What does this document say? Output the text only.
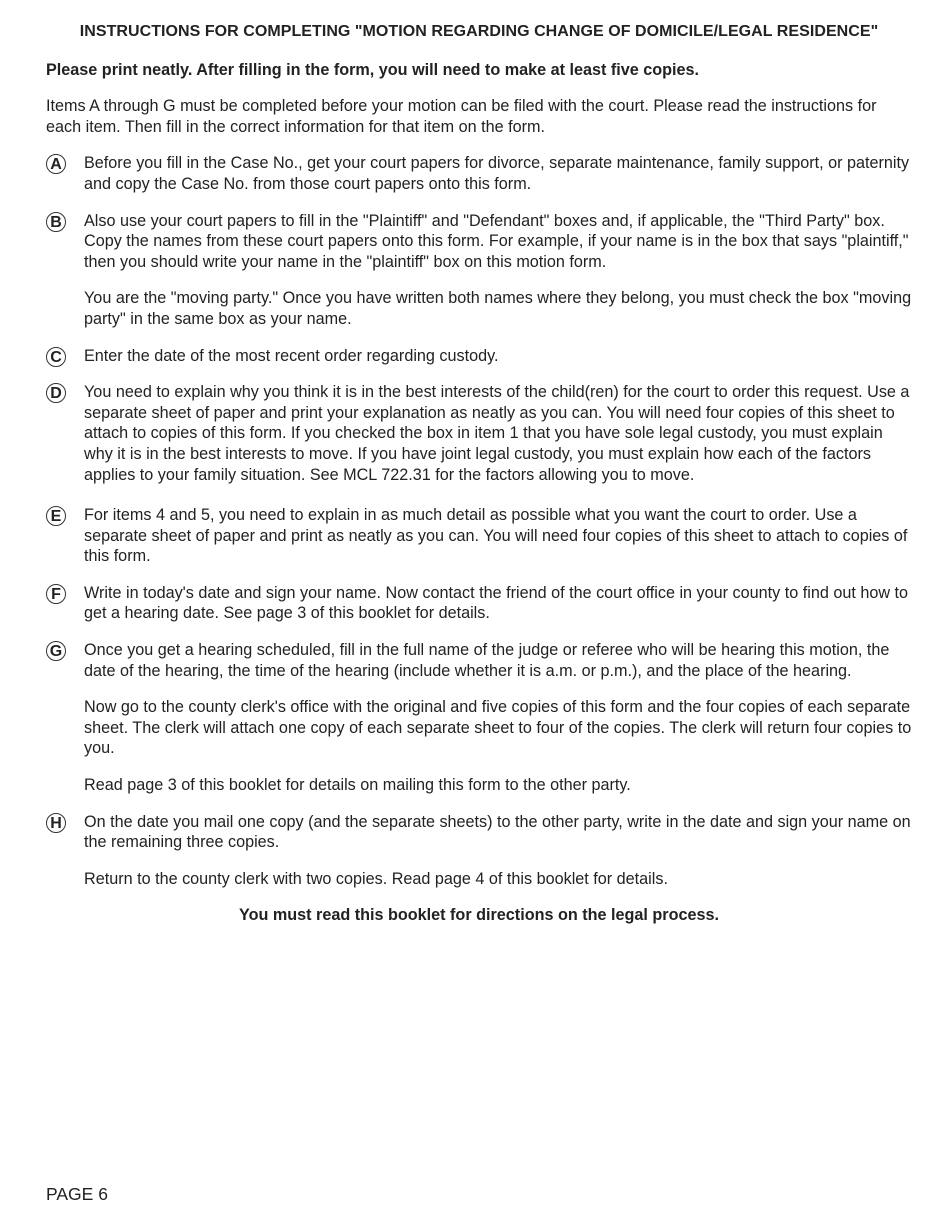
INSTRUCTIONS FOR COMPLETING "MOTION REGARDING CHANGE OF DOMICILE/LEGAL RESIDENCE"
Please print neatly. After filling in the form, you will need to make at least five copies.
Items A through G must be completed before your motion can be filed with the court. Please read the instructions for each item. Then fill in the correct information for that item on the form.
A Before you fill in the Case No., get your court papers for divorce, separate maintenance, family support, or paternity and copy the Case No. from those court papers onto this form.

B Also use your court papers to fill in the "Plaintiff" and "Defendant" boxes and, if applicable, the "Third Party" box. Copy the names from these court papers onto this form. For example, if your name is in the box that says "plaintiff," then you should write your name in the "plaintiff" box on this motion form.

You are the "moving party." Once you have written both names where they belong, you must check the box "moving party" in the same box as your name.

C Enter the date of the most recent order regarding custody.

D You need to explain why you think it is in the best interests of the child(ren) for the court to order this request. Use a separate sheet of paper and print your explanation as neatly as you can. You will need four copies of this sheet to attach to copies of this form. If you checked the box in item 1 that you have sole legal custody, you must explain why it is in the best interests to move. If you have joint legal custody, you must explain how each of the factors applies to your family situation. See MCL 722.31 for the factors allowing you to move.

E For items 4 and 5, you need to explain in as much detail as possible what you want the court to order. Use a separate sheet of paper and print as neatly as you can. You will need four copies of this sheet to attach to copies of this form.

F	Write in today's date and sign your name. Now contact the friend of the court office in your county to find out how to get a hearing date. See page 3 of this booklet for details.

G Once you get a hearing scheduled, fill in the full name of the judge or referee who will be hearing this motion, the date of the hearing, the time of the hearing (include whether it is a.m. or p.m.), and the place of the hearing.

Now go to the county clerk's office with the original and five copies of this form and the four copies of each separate sheet. The clerk will attach one copy of each separate sheet to four of the copies. The clerk will return four copies to you.

Read page 3 of this booklet for details on mailing this form to the other party.

H On the date you mail one copy (and the separate sheets) to the other party, write in the date and sign your name on the remaining three copies.

Return to the county clerk with two copies. Read page 4 of this booklet for details.

You must read this booklet for directions on the legal process.
PAGE 6
